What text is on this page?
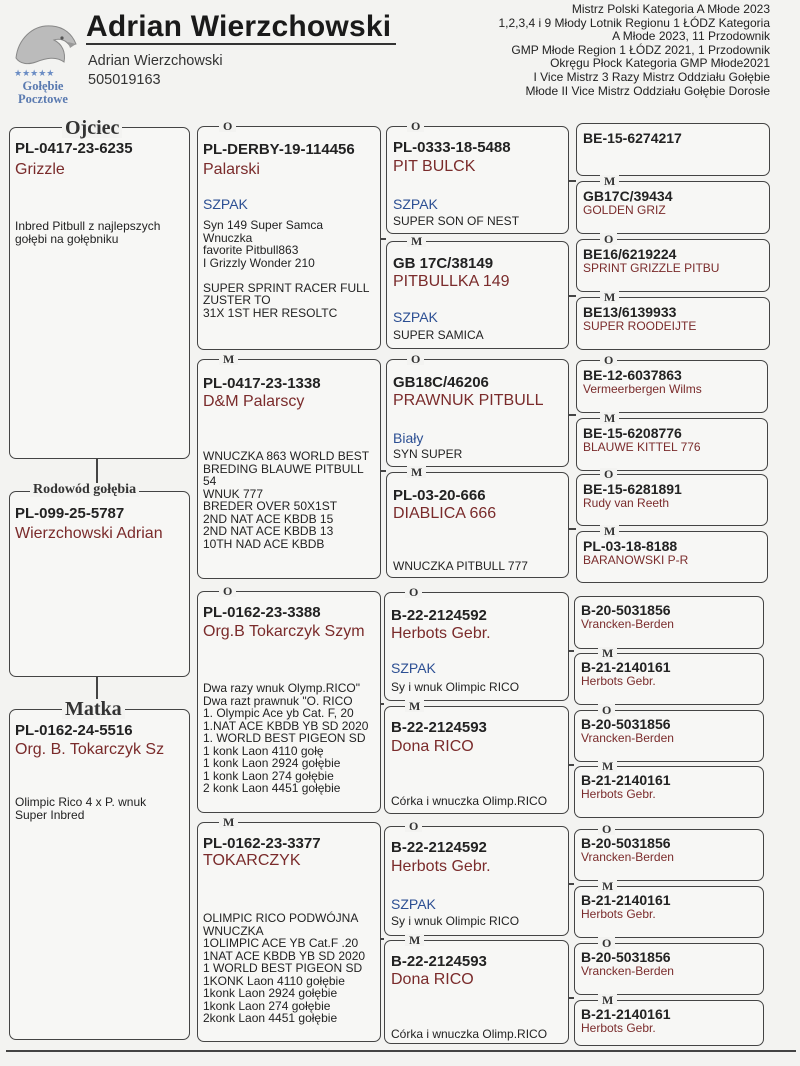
★★★★★
Gołębie
Pocztowe
Adrian Wierzchowski
Adrian Wierzchowski
505019163
Mistrz Polski Kategoria A Młode 2023
1,2,3,4 i 9 Młody Lotnik Regionu 1 ŁÓDZ Kategoria
A Młode 2023, 11 Przodownik
GMP Młode Region 1 ŁÓDZ 2021, 1 Przodownik
Okręgu Płock Kategoria GMP Młode2021
I Vice Mistrz 3 Razy Mistrz Oddziału Gołębie
Młode II Vice Mistrz Oddziału Gołębie Dorosłe
PL-0417-23-6235
Grizzle
Inbred Pitbull z najlepszych
gołębi na gołębniku
Ojciec
PL-099-25-5787
Wierzchowski Adrian
Rodowód gołębia
PL-0162-24-5516
Org. B. Tokarczyk Sz
Olimpic Rico 4 x P. wnuk
Super Inbred
Matka
PL-DERBY-19-114456
Palarski
SZPAK
Syn 149 Super Samca
Wnuczka
favorite Pitbull863
I Grizzly Wonder 210

SUPER SPRINT RACER FULL
ZUSTER TO
31X 1ST HER RESOLTC
O
PL-0417-23-1338
D&M Palarscy
WNUCZKA 863 WORLD BEST
BREDING BLAUWE PITBULL
54
WNUK 777
BREDER OVER 50X1ST
2ND NAT ACE KBDB 15
2ND NAT ACE KBDB 13
10TH NAD ACE KBDB
M
PL-0162-23-3388
Org.B Tokarczyk Szym
Dwa razy wnuk Olymp.RICO"
Dwa razt prawnuk "O. RICO
1. Olympic Ace yb Cat. F, 20
1.NAT ACE KBDB YB SD 2020
1. WORLD BEST PIGEON SD
1 konk Laon 4110 gołę
1 konk Laon 2924 gołębie
1 konk Laon 274 gołębie
2 konk Laon 4451 gołębie
O
PL-0162-23-3377
TOKARCZYK
OLIMPIC RICO PODWÓJNA
WNUCZKA
1OLIMPIC ACE YB Cat.F .20
1NAT ACE KBDB YB SD 2020
1 WORLD BEST PIGEON SD
1KONK Laon 4110 gołębie
1konk Laon 2924 gołębie
1konk Laon 274 gołębie
2konk Laon 4451 gołębie
M
PL-0333-18-5488
PIT BULCK
SZPAK
SUPER SON OF NEST
O
GB 17C/38149
PITBULLKA 149
SZPAK
SUPER SAMICA
M
GB18C/46206
PRAWNUK PITBULL
Biały
SYN SUPER
O
PL-03-20-666
DIABLICA 666
WNUCZKA PITBULL 777
M
B-22-2124592
Herbots Gebr.
SZPAK
Sy i wnuk Olimpic RICO
O
B-22-2124593
Dona RICO
Córka i wnuczka Olimp.RICO
M
B-22-2124592
Herbots Gebr.
SZPAK
Sy i wnuk Olimpic RICO
O
B-22-2124593
Dona RICO
Córka i wnuczka Olimp.RICO
M
BE-15-6274217
GB17C/39434
GOLDEN GRIZ
M
BE16/6219224
SPRINT GRIZZLE PITBU
O
BE13/6139933
SUPER ROODEIJTE
M
BE-12-6037863
Vermeerbergen Wilms
O
BE-15-6208776
BLAUWE KITTEL 776
M
BE-15-6281891
Rudy van Reeth
O
PL-03-18-8188
BARANOWSKI P-R
M
B-20-5031856
Vrancken-Berden
B-21-2140161
Herbots Gebr.
M
B-20-5031856
Vrancken-Berden
O
B-21-2140161
Herbots Gebr.
M
B-20-5031856
Vrancken-Berden
O
B-21-2140161
Herbots Gebr.
M
B-20-5031856
Vrancken-Berden
O
B-21-2140161
Herbots Gebr.
M
